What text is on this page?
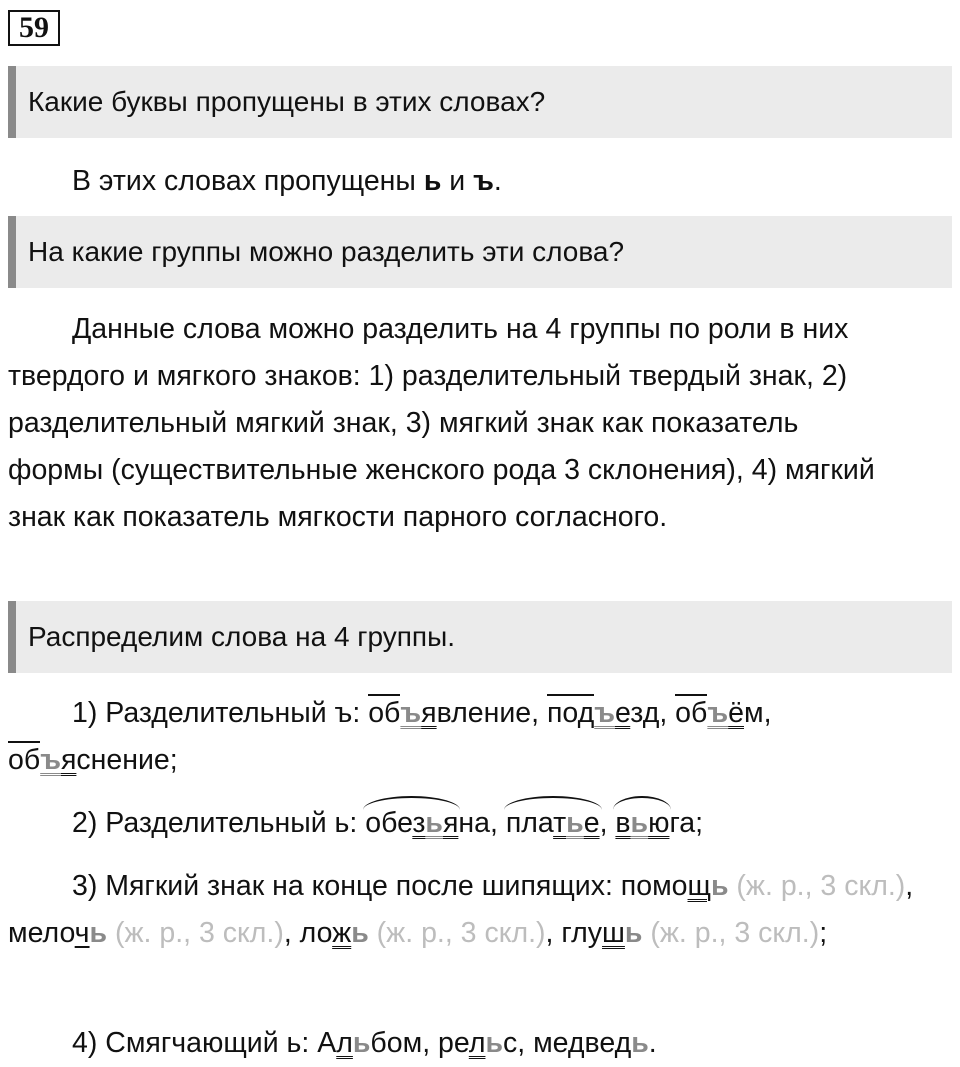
59
Какие буквы пропущены в этих словах?

В этих словах пропущены ь и ъ.

На какие группы можно разделить эти слова?

Данные слова можно разделить на 4 группы по роли в них твердого и мягкого знаков: 1) разделительный твердый знак, 2) разделительный мягкий знак, 3) мягкий знак как показатель формы (существительные женского рода 3 склонения), 4) мягкий знак как показатель мягкости парного согласного.

Распределим слова на 4 группы.

1) Разделительный ъ: объявление, подъезд, объём,
объяснение;

2) Разделительный ь: обезьяна, платье, вьюга;

3) Мягкий знак на конце после шипящих: помощь (ж. р., 3 скл.), мелочь (ж. р., 3 скл.), ложь (ж. р., 3 скл.), глушь (ж. р., 3 скл.);

4) Смягчающий ь: Альбом, рельс, медведь.
